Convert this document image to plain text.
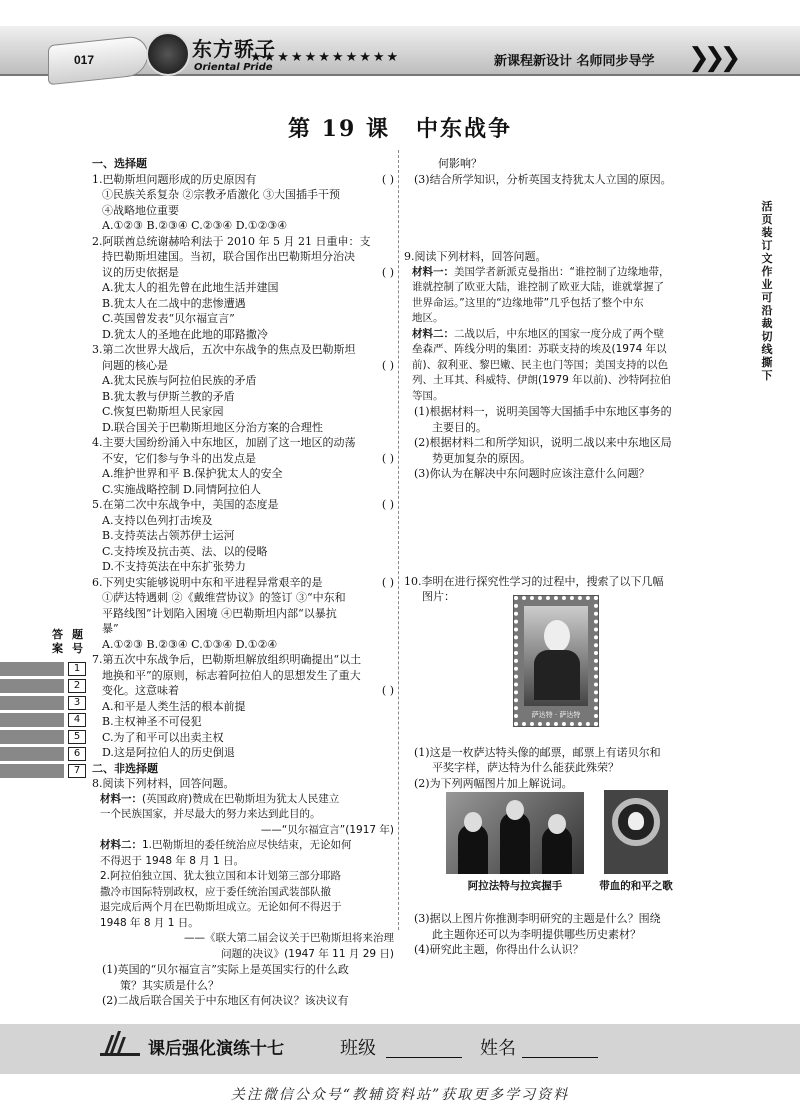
017	东方骄子
Oriental Pride
★★★★★★★★★★★	新课程新设计 名师同步导学 ❯❯❯
第 19 课 中东战争
一、选择题
1.巴勒斯坦问题形成的历史原因有	( )
①民族关系复杂 ②宗教矛盾激化 ③大国插手干预
④战略地位重要
A.①②③ B.②③④ C.②③④ D.①②③④
2.阿联酋总统谢赫哈利法于 2010 年 5 月 21 日重申：支
持巴勒斯坦建国。当初，联合国作出巴勒斯坦分治决
议的历史依据是	( )
A.犹太人的祖先曾在此地生活并建国
B.犹太人在二战中的悲惨遭遇
C.英国曾发表“贝尔福宣言”
D.犹太人的圣地在此地的耶路撒冷
3.第二次世界大战后，五次中东战争的焦点及巴勒斯坦
问题的核心是	( )
A.犹太民族与阿拉伯民族的矛盾
B.犹太教与伊斯兰教的矛盾
C.恢复巴勒斯坦人民家园
D.联合国关于巴勒斯坦地区分治方案的合理性
4.主要大国纷纷涌入中东地区，加剧了这一地区的动荡
不安，它们参与争斗的出发点是	( )
A.维护世界和平 B.保护犹太人的安全
C.实施战略控制 D.同情阿拉伯人
5.在第二次中东战争中，美国的态度是	( )
A.支持以色列打击埃及
B.支持英法占领苏伊士运河
C.支持埃及抗击英、法、以的侵略
D.不支持英法在中东扩张势力
6.下列史实能够说明中东和平进程异常艰辛的是	( )
①萨达特遇刺 ②《戴维营协议》的签订 ③“中东和
平路线图”计划陷入困境 ④巴勒斯坦内部“以暴抗
暴”
A.①②③ B.②③④ C.①③④ D.①②④
7.第五次中东战争后，巴勒斯坦解放组织明确提出“以土
地换和平”的原则，标志着阿拉伯人的思想发生了重大
变化。这意味着	( )
A.和平是人类生活的根本前提
B.主权神圣不可侵犯
C.为了和平可以出卖主权
D.这是阿拉伯人的历史倒退
二、非选择题
8.阅读下列材料，回答问题。
材料一：(英国政府)赞成在巴勒斯坦为犹太人民建立
一个民族国家，并尽最大的努力来达到此目的。
——“贝尔福宣言”(1917 年)
材料二：1.巴勒斯坦的委任统治应尽快结束，无论如何
不得迟于 1948 年 8 月 1 日。
2.阿拉伯独立国、犹太独立国和本计划第三部分耶路
撒冷市国际特别政权，应于委任统治国武装部队撤
退完成后两个月在巴勒斯坦成立。无论如何不得迟于
1948 年 8 月 1 日。
——《联大第二届会议关于巴勒斯坦将来治理
问题的决议》(1947 年 11 月 29 日)
(1)英国的“贝尔福宣言”实际上是英国实行的什么政
策？其实质是什么？
(2)二战后联合国关于中东地区有何决议？该决议有
何影响？
(3)结合所学知识，分析英国支持犹太人立国的原因。
9.阅读下列材料，回答问题。
材料一：美国学者新派克曼指出：“谁控制了边缘地带，
谁就控制了欧亚大陆，谁控制了欧亚大陆，谁就掌握了
世界命运。”这里的“边缘地带”几乎包括了整个中东
地区。
材料二：二战以后，中东地区的国家一度分成了两个壁
垒森严、阵线分明的集团：苏联支持的埃及(1974 年以
前)、叙利亚、黎巴嫩、民主也门等国；美国支持的以色
列、土耳其、科威特、伊朗(1979 年以前)、沙特阿拉伯
等国。
(1)根据材料一，说明美国等大国插手中东地区事务的
主要目的。
(2)根据材料二和所学知识，说明二战以来中东地区局
势更加复杂的原因。
(3)你认为在解决中东问题时应该注意什么问题？
10.李明在进行探究性学习的过程中，搜索了以下几幅
图片：
(1)这是一枚萨达特头像的邮票，邮票上有诺贝尔和
平奖字样，萨达特为什么能获此殊荣？
(2)为下列两幅图片加上解说词。
(3)据以上图片你推测李明研究的主题是什么？围绕
此主题你还可以为李明提供哪些历史素材？
(4)研究此主题，你得出什么认识？
萨达特 · 萨达特
阿拉法特与拉宾握手	带血的和平之歌
活页装订 文作业可沿裁切线撕下
答案
题号
1
2
3
4
5
6
7
课后强化演练十七	班级	姓名
关注微信公众号“教辅资料站”获取更多学习资料
